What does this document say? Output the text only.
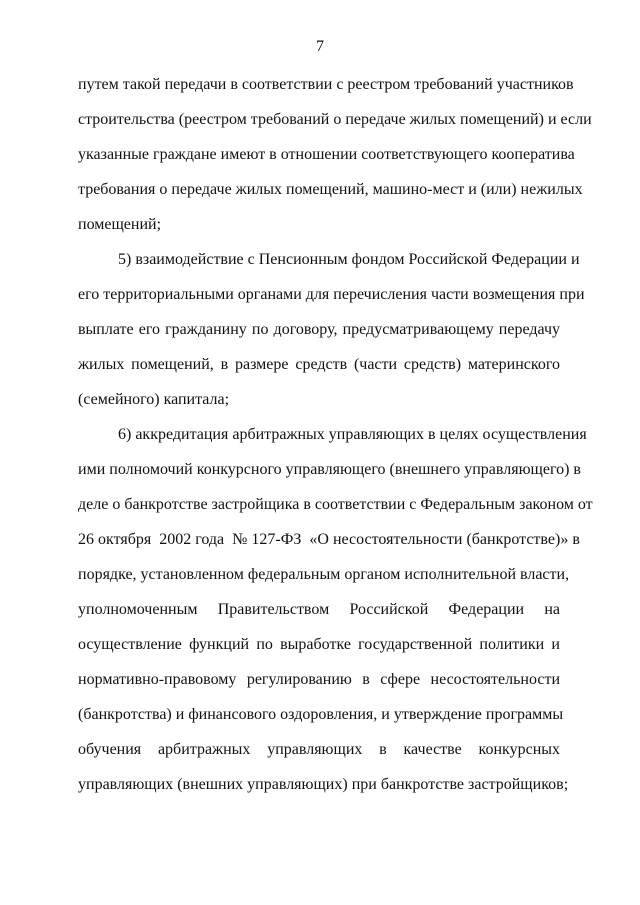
7
путем такой передачи в соответствии с реестром требований участников
строительства (реестром требований о передаче жилых помещений) и если
указанные граждане имеют в отношении соответствующего кооператива
требования о передаче жилых помещений, машино-мест и (или) нежилых
помещений;
5) взаимодействие с Пенсионным фондом Российской Федерации и
его территориальными органами для перечисления части возмещения при
выплате его гражданину по договору, предусматривающему передачу
жилых помещений, в размере средств (части средств) материнского
(семейного) капитала;
6) аккредитация арбитражных управляющих в целях осуществления
ими полномочий конкурсного управляющего (внешнего управляющего) в
деле о банкротстве застройщика в соответствии с Федеральным законом от
26 октября  2002 года  № 127-ФЗ  «О несостоятельности (банкротстве)» в
порядке, установленном федеральным органом исполнительной власти,
уполномоченным Правительством Российской Федерации на
осуществление функций по выработке государственной политики и
нормативно-правовому регулированию в сфере несостоятельности
(банкротства) и финансового оздоровления, и утверждение программы
обучения арбитражных управляющих в качестве конкурсных
управляющих (внешних управляющих) при банкротстве застройщиков;
